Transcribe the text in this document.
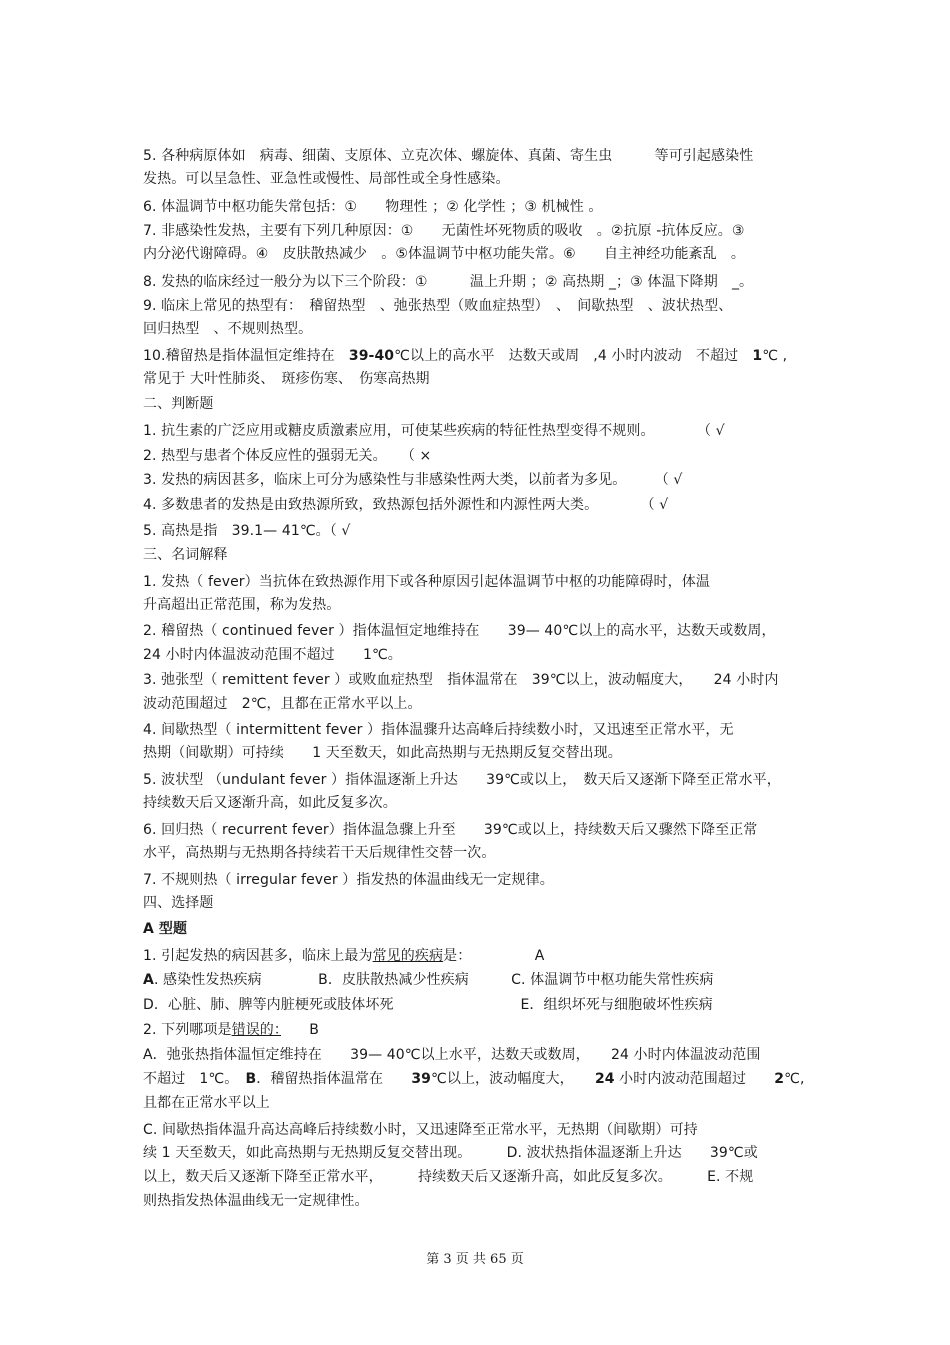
5. 各种病原体如　病毒、细菌、支原体、立克次体、螺旋体、真菌、寄生虫　　　等可引起感染性
发热。可以呈急性、亚急性或慢性、局部性或全身性感染。
6. 体温调节中枢功能失常包括：①　　物理性 ；② 化学性 ；③ 机械性 。
7. 非感染性发热，主要有下列几种原因：①　　无菌性坏死物质的吸收　。②抗原 -抗体反应。③
内分泌代谢障碍。④　皮肤散热减少　。⑤体温调节中枢功能失常。⑥　　自主神经功能紊乱　。
8. 发热的临床经过一般分为以下三个阶段：①　　　温上升期 ；② 高热期 _；③ 体温下降期　_。
9. 临床上常见的热型有：　稽留热型　、弛张热型（败血症热型）　、　间歇热型　、波状热型、
回归热型　、不规则热型。
10.稽留热是指体温恒定维持在　39-40℃以上的高水平　达数天或周　,4 小时内波动　不超过　1℃ ,
常见于 大叶性肺炎、　斑疹伤寒、　伤寒高热期
二、判断题
1. 抗生素的广泛应用或糖皮质激素应用，可使某些疾病的特征性热型变得不规则。　　　　（ √
2. 热型与患者个体反应性的强弱无关。　　（ ×
3. 发热的病因甚多，临床上可分为感染性与非感染性两大类，以前者为多见。　　　（ √
4. 多数患者的发热是由致热源所致，致热源包括外源性和内源性两大类。　　　　（ √
5. 高热是指　39.1— 41℃。（ √
三、名词解释
1. 发热（ fever）当抗体在致热源作用下或各种原因引起体温调节中枢的功能障碍时，体温
升高超出正常范围，称为发热。
2. 稽留热（ continued fever ）指体温恒定地维持在　　39— 40℃以上的高水平，达数天或数周，
24 小时内体温波动范围不超过　　1℃。
3. 弛张型（ remittent fever ）或败血症热型　指体温常在　39℃以上，波动幅度大，　　24 小时内
波动范围超过　2℃，且都在正常水平以上。
4. 间歇热型（ intermittent fever ）指体温骤升达高峰后持续数小时，又迅速至正常水平，无
热期（间歇期）可持续　　1 天至数天，如此高热期与无热期反复交替出现。
5. 波状型 （undulant fever ）指体温逐渐上升达　　39℃或以上，　数天后又逐渐下降至正常水平，
持续数天后又逐渐升高，如此反复多次。
6. 回归热（ recurrent fever）指体温急骤上升至　　39℃或以上，持续数天后又骤然下降至正常
水平，高热期与无热期各持续若干天后规律性交替一次。
7. 不规则热（ irregular fever ）指发热的体温曲线无一定规律。
四、选择题
A 型题
1. 引起发热的病因甚多，临床上最为常见的疾病是：　　　　　A
A. 感染性发热疾病　　　　B．皮肤散热减少性疾病　　　C. 体温调节中枢功能失常性疾病
D．心脏、肺、脾等内脏梗死或肢体坏死　　　　　　　　　E．组织坏死与细胞破坏性疾病
2. 下列哪项是错误的：　　B
A．弛张热指体温恒定维持在　　39— 40℃以上水平，达数天或数周，　　24 小时内体温波动范围
不超过　1℃。　B．稽留热指体温常在　　39℃以上，波动幅度大，　　24 小时内波动范围超过　　2℃,
且都在正常水平以上
C. 间歇热指体温升高达高峰后持续数小时，又迅速降至正常水平，无热期（间歇期）可持
续 1 天至数天，如此高热期与无热期反复交替出现。　　　D. 波状热指体温逐渐上升达　　39℃或
以上，数天后又逐渐下降至正常水平，　　　持续数天后又逐渐升高，如此反复多次。　　　E. 不规
则热指发热体温曲线无一定规律性。
第 3 页 共 65 页
